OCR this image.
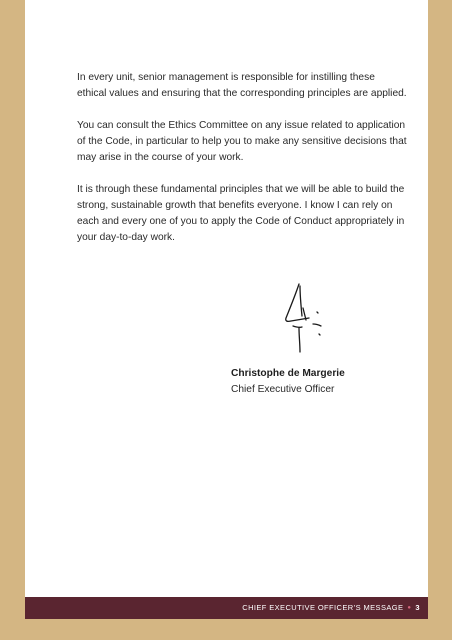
In every unit, senior management is responsible for instilling these ethical values and ensuring that the corresponding principles are applied.

You can consult the Ethics Committee on any issue related to application of the Code, in particular to help you to make any sensitive decisions that may arise in the course of your work.

It is through these fundamental principles that we will be able to build the strong, sustainable growth that benefits everyone. I know I can rely on each and every one of you to apply the Code of Conduct appropriately in your day-to-day work.

Christophe de Margerie
Chief Executive Officer
CHIEF EXECUTIVE OFFICER’S MESSAGE ● 3
